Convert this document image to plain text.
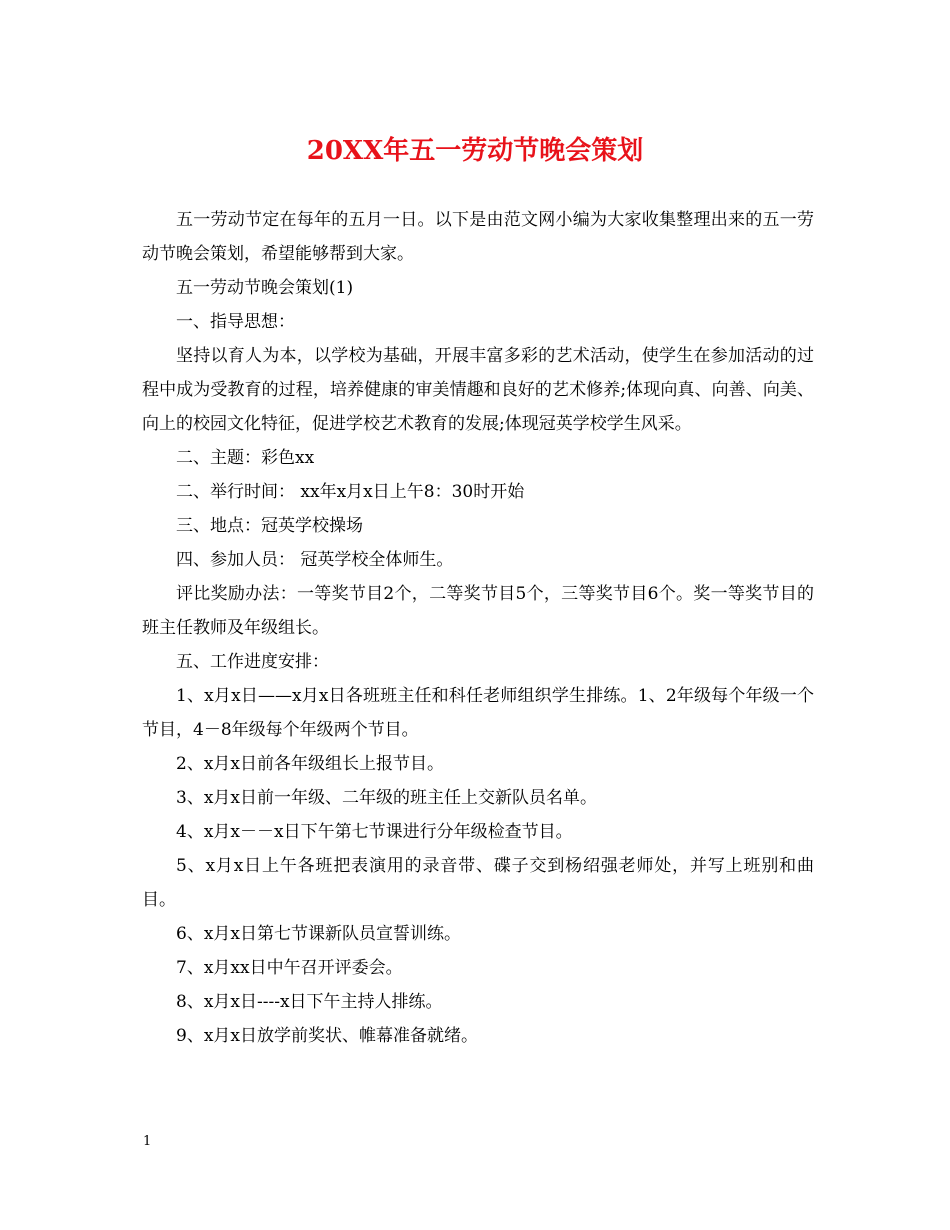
20XX年五一劳动节晚会策划

五一劳动节定在每年的五月一日。以下是由范文网小编为大家收集整理出来的五一劳动节晚会策划，希望能够帮到大家。

五一劳动节晚会策划(1)

一、指导思想：

坚持以育人为本，以学校为基础，开展丰富多彩的艺术活动，使学生在参加活动的过程中成为受教育的过程，培养健康的审美情趣和良好的艺术修养;体现向真、向善、向美、向上的校园文化特征，促进学校艺术教育的发展;体现冠英学校学生风采。

二、主题：彩色xx

二、举行时间： xx年x月x日上午8：30时开始

三、地点：冠英学校操场

四、参加人员： 冠英学校全体师生。

评比奖励办法：一等奖节目2个，二等奖节目5个，三等奖节目6个。奖一等奖节目的班主任教师及年级组长。

五、工作进度安排：

1、x月x日——x月x日各班班主任和科任老师组织学生排练。1、2年级每个年级一个节目，4－8年级每个年级两个节目。

2、x月x日前各年级组长上报节目。

3、x月x日前一年级、二年级的班主任上交新队员名单。

4、x月x－－x日下午第七节课进行分年级检查节目。

5、x月x日上午各班把表演用的录音带、碟子交到杨绍强老师处，并写上班别和曲目。

6、x月x日第七节课新队员宣誓训练。

7、x月xx日中午召开评委会。

8、x月x日----x日下午主持人排练。

9、x月x日放学前奖状、帷幕准备就绪。

1
